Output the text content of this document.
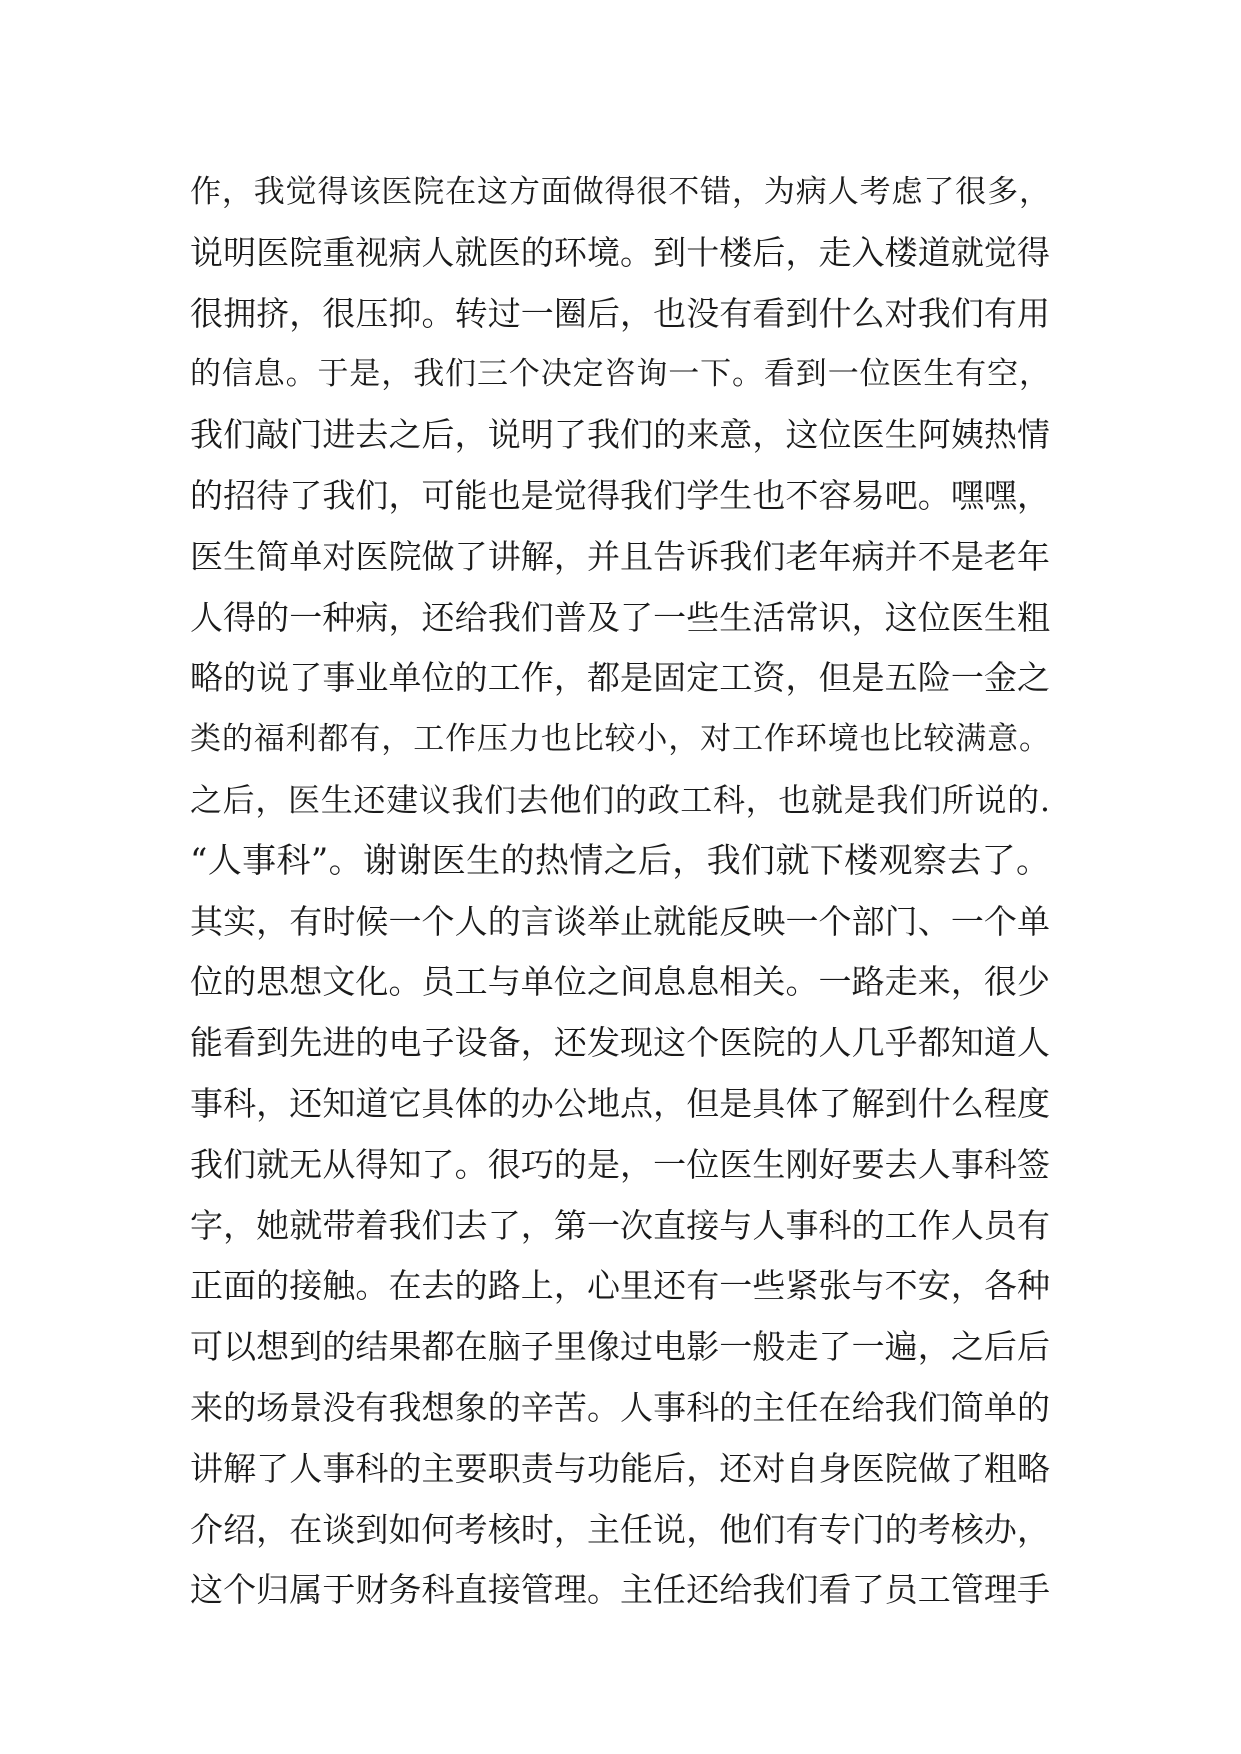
作，我觉得该医院在这方面做得很不错，为病人考虑了很多，
说明医院重视病人就医的环境。到十楼后，走入楼道就觉得
很拥挤，很压抑。转过一圈后，也没有看到什么对我们有用
的信息。于是，我们三个决定咨询一下。看到一位医生有空，
我们敲门进去之后，说明了我们的来意，这位医生阿姨热情
的招待了我们，可能也是觉得我们学生也不容易吧。嘿嘿，
医生简单对医院做了讲解，并且告诉我们老年病并不是老年
人得的一种病，还给我们普及了一些生活常识，这位医生粗
略的说了事业单位的工作，都是固定工资，但是五险一金之
类的福利都有，工作压力也比较小，对工作环境也比较满意。
之后，医生还建议我们去他们的政工科，也就是我们所说的.
“人事科”。谢谢医生的热情之后，我们就下楼观察去了。
其实，有时候一个人的言谈举止就能反映一个部门、一个单
位的思想文化。员工与单位之间息息相关。一路走来，很少
能看到先进的电子设备，还发现这个医院的人几乎都知道人
事科，还知道它具体的办公地点，但是具体了解到什么程度
我们就无从得知了。很巧的是，一位医生刚好要去人事科签
字，她就带着我们去了，第一次直接与人事科的工作人员有
正面的接触。在去的路上，心里还有一些紧张与不安，各种
可以想到的结果都在脑子里像过电影一般走了一遍，之后后
来的场景没有我想象的辛苦。人事科的主任在给我们简单的
讲解了人事科的主要职责与功能后，还对自身医院做了粗略
介绍，在谈到如何考核时，主任说，他们有专门的考核办，
这个归属于财务科直接管理。主任还给我们看了员工管理手
